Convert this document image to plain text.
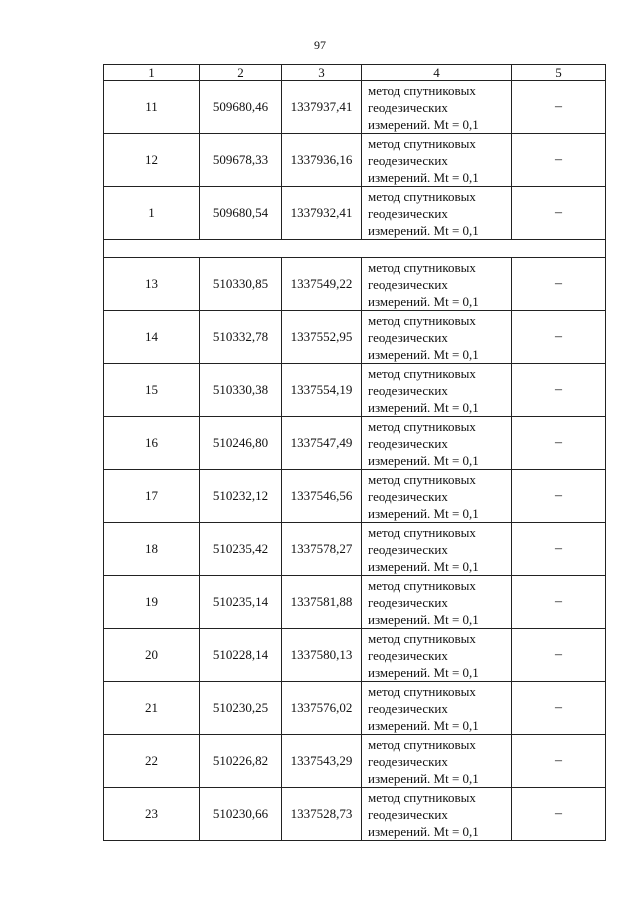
97
1	2	3	4	5
11	509680,46	1337937,41	метод спутниковых
геодезических
измерений. Mt = 0,1	–
12	509678,33	1337936,16	метод спутниковых
геодезических
измерений. Mt = 0,1	–
1	509680,54	1337932,41	метод спутниковых
геодезических
измерений. Mt = 0,1	–

13	510330,85	1337549,22	метод спутниковых
геодезических
измерений. Mt = 0,1	–
14	510332,78	1337552,95	метод спутниковых
геодезических
измерений. Mt = 0,1	–
15	510330,38	1337554,19	метод спутниковых
геодезических
измерений. Mt = 0,1	–
16	510246,80	1337547,49	метод спутниковых
геодезических
измерений. Mt = 0,1	–
17	510232,12	1337546,56	метод спутниковых
геодезических
измерений. Mt = 0,1	–
18	510235,42	1337578,27	метод спутниковых
геодезических
измерений. Mt = 0,1	–
19	510235,14	1337581,88	метод спутниковых
геодезических
измерений. Mt = 0,1	–
20	510228,14	1337580,13	метод спутниковых
геодезических
измерений. Mt = 0,1	–
21	510230,25	1337576,02	метод спутниковых
геодезических
измерений. Mt = 0,1	–
22	510226,82	1337543,29	метод спутниковых
геодезических
измерений. Mt = 0,1	–
23	510230,66	1337528,73	метод спутниковых
геодезических
измерений. Mt = 0,1	–
